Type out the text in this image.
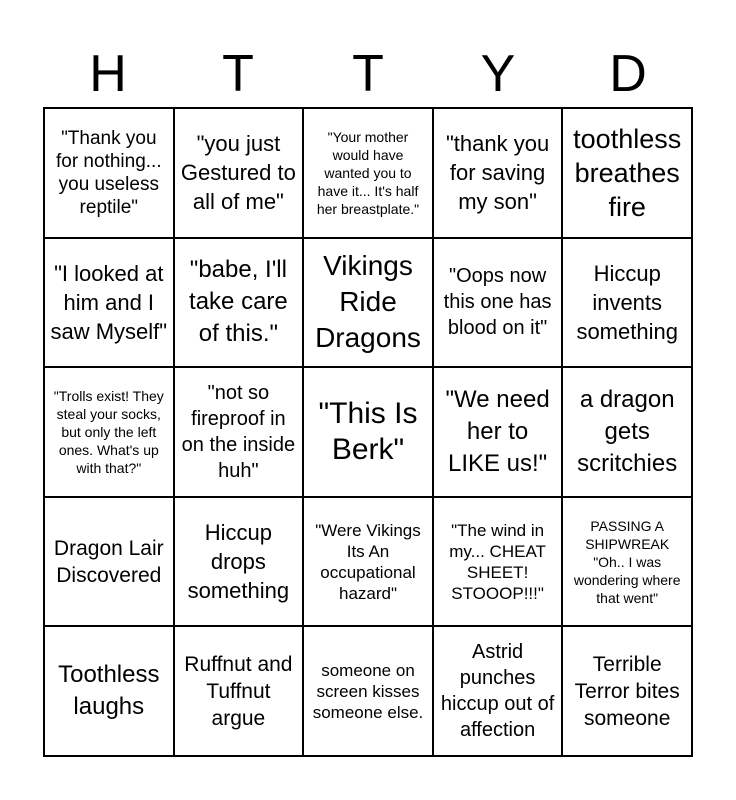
H	T	T	Y	D
"Thank you for nothing... you useless reptile"
"you just Gestured to all of me"
"Your mother would have wanted you to have it... It's half her breastplate."
"thank you for saving my son"
toothless breathes fire
"I looked at him and I saw Myself"
"babe, I'll take care of this."
Vikings Ride Dragons
"Oops now this one has blood on it"
Hiccup invents something
"Trolls exist! They steal your socks, but only the left ones. What's up with that?"
"not so fireproof in on the inside huh"
"This Is Berk"
"We need her to LIKE us!"
a dragon gets scritchies
Dragon Lair Discovered
Hiccup drops something
"Were Vikings Its An occupational hazard"
"The wind in my... CHEAT SHEET! STOOOP!!!"
PASSING A SHIPWREAK "Oh.. I was wondering where that went"
Toothless laughs
Ruffnut and Tuffnut argue
someone on screen kisses someone else.
Astrid punches hiccup out of affection
Terrible Terror bites someone
